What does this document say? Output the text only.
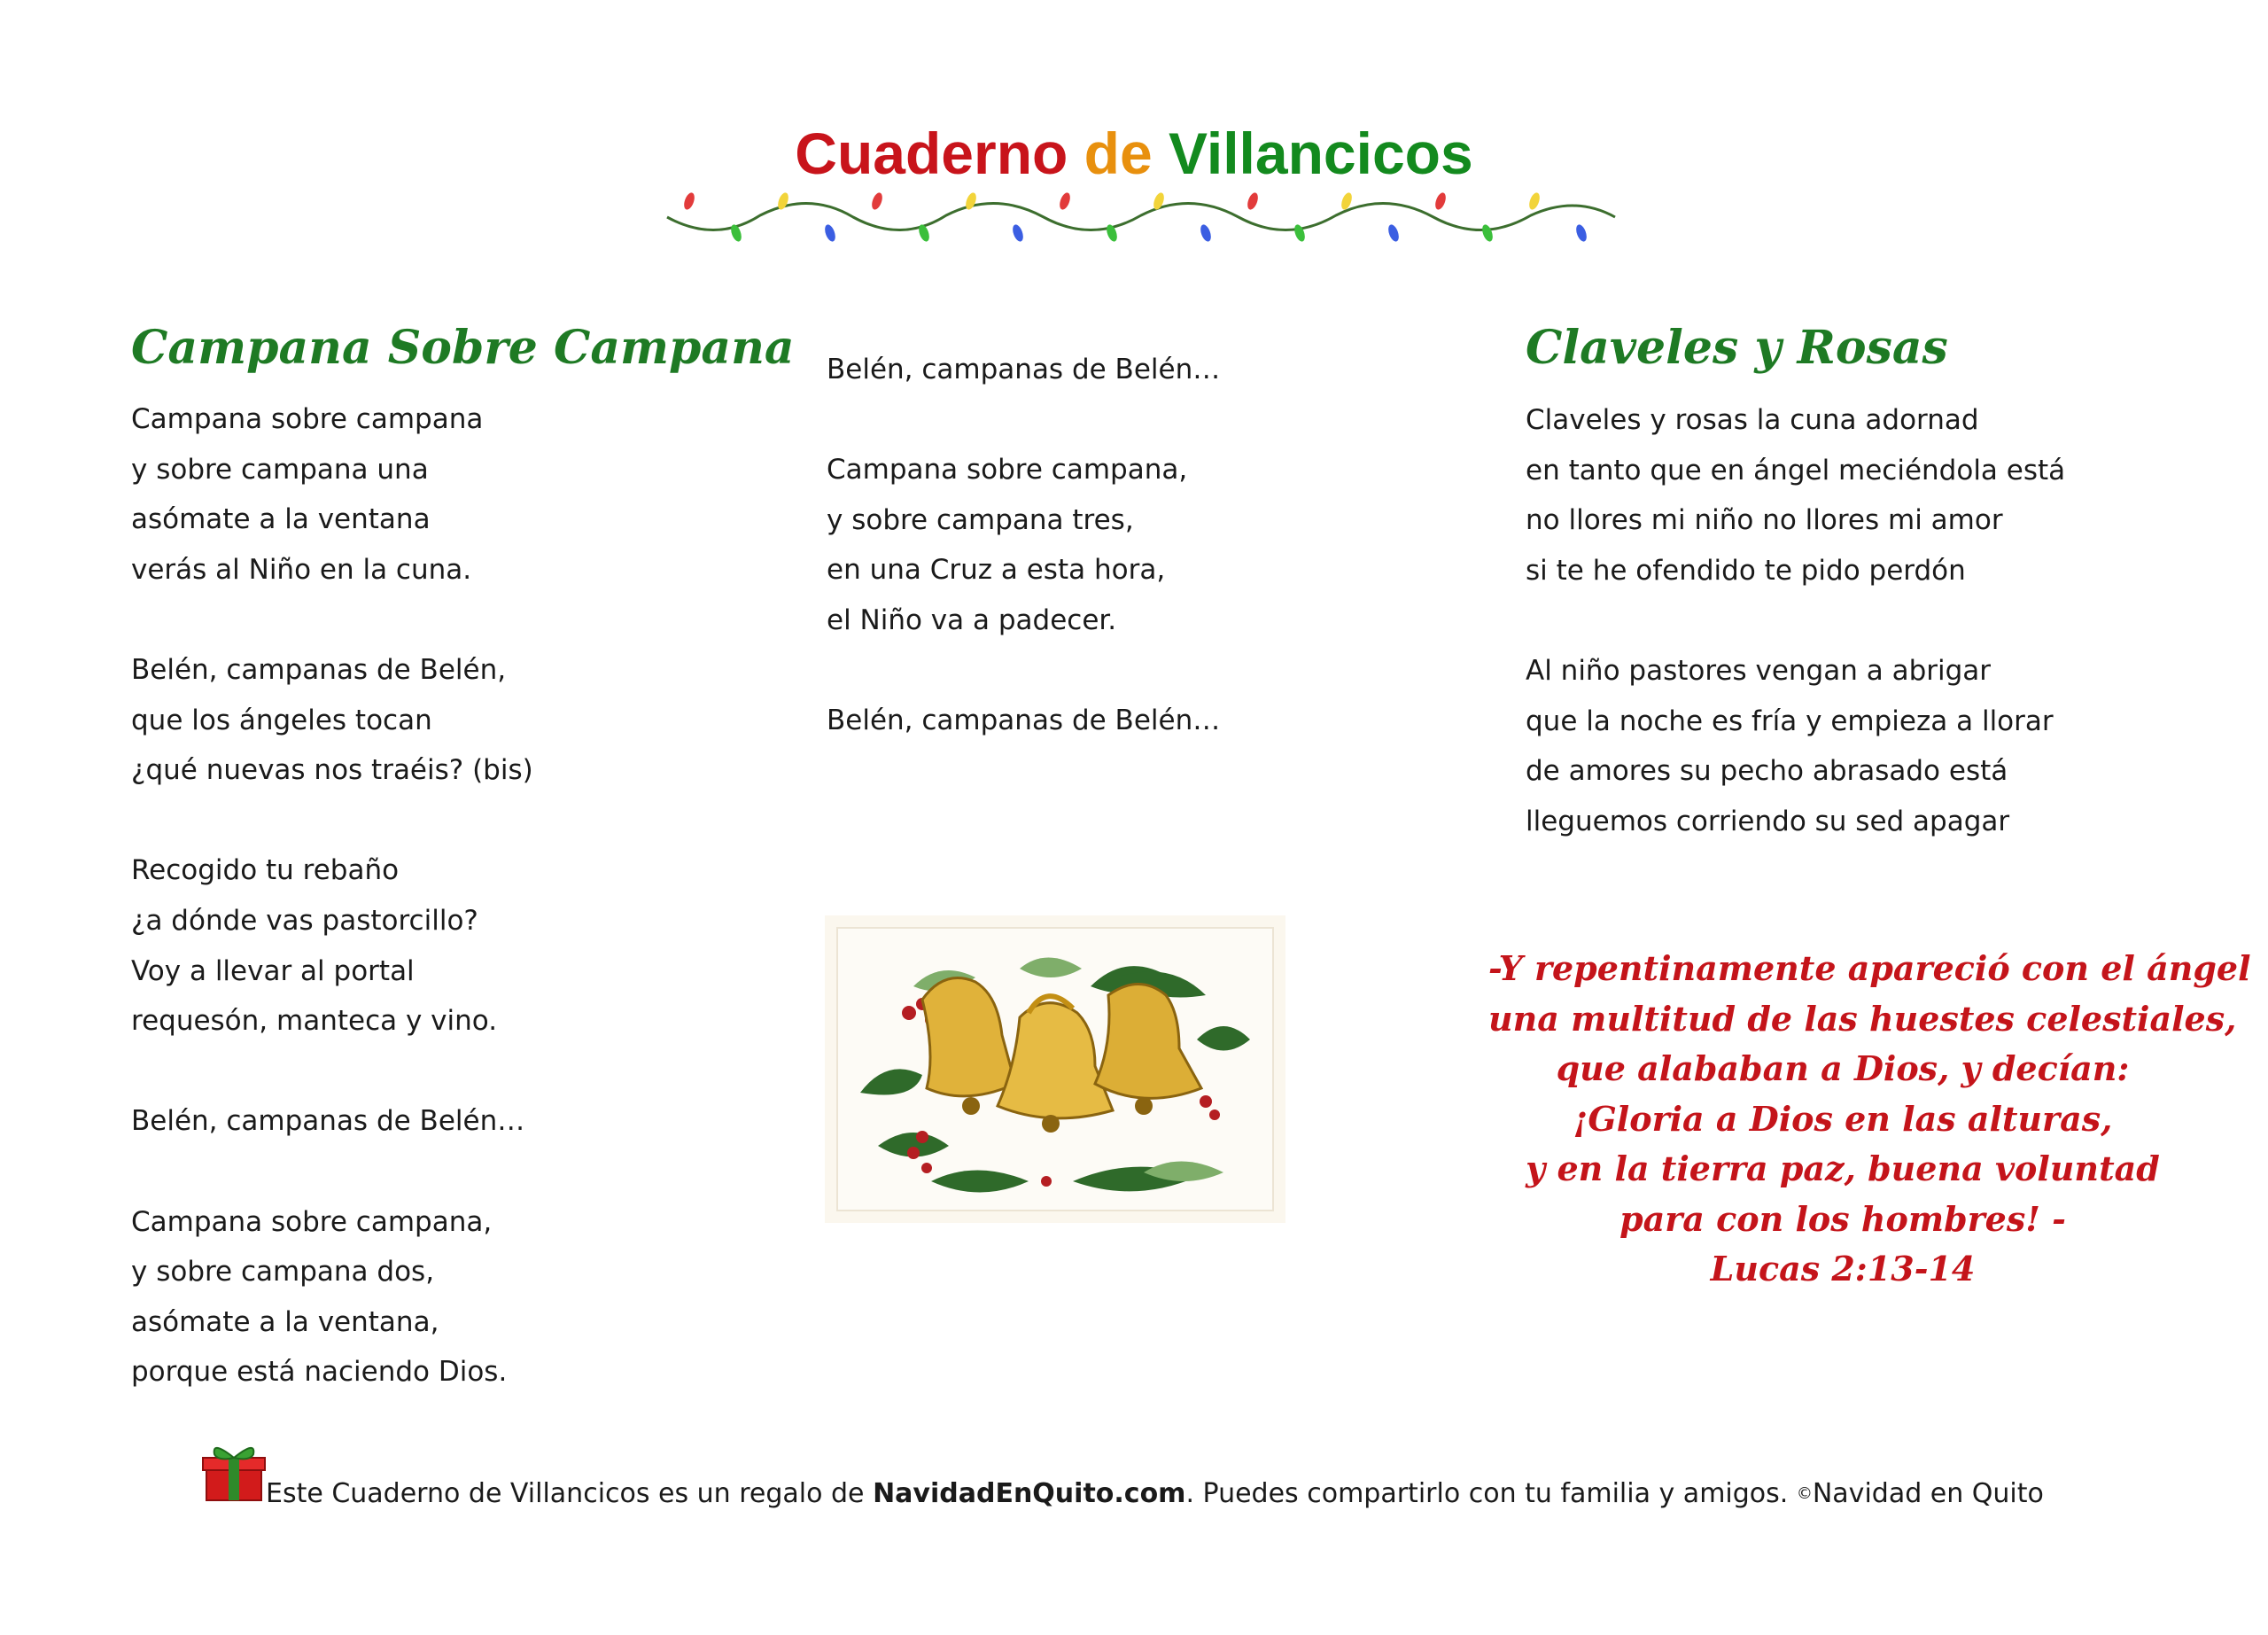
Cuaderno de Villancicos
Campana Sobre Campana
Campana sobre campana
y sobre campana una
asómate a la ventana
verás al Niño en la cuna.
Belén, campanas de Belén,
que los ángeles tocan
¿qué nuevas nos traéis? (bis)
Recogido tu rebaño
¿a dónde vas pastorcillo?
Voy a llevar al portal
requesón, manteca y vino.
Belén, campanas de Belén…
Campana sobre campana,
y sobre campana dos,
asómate a la ventana,
porque está naciendo Dios.
Belén, campanas de Belén…
Campana sobre campana,
y sobre campana tres,
en una Cruz a esta hora,
el Niño va a padecer.
Belén, campanas de Belén…
Claveles y Rosas
Claveles y rosas la cuna adornad
en tanto que en ángel meciéndola está
no llores mi niño no llores mi amor
si te he ofendido te pido perdón
Al niño pastores vengan a abrigar
que la noche es fría y empieza a llorar
de amores su pecho abrasado está
lleguemos corriendo su sed apagar
-Y repentinamente apareció con el ángel
una multitud de las huestes celestiales,
que alababan a Dios, y decían:
¡Gloria a Dios en las alturas,
y en la tierra paz, buena voluntad
para con los hombres! -
Lucas 2:13-14
Este Cuaderno de Villancicos es un regalo de NavidadEnQuito.com. Puedes compartirlo con tu familia y amigos. ©Navidad en Quito
